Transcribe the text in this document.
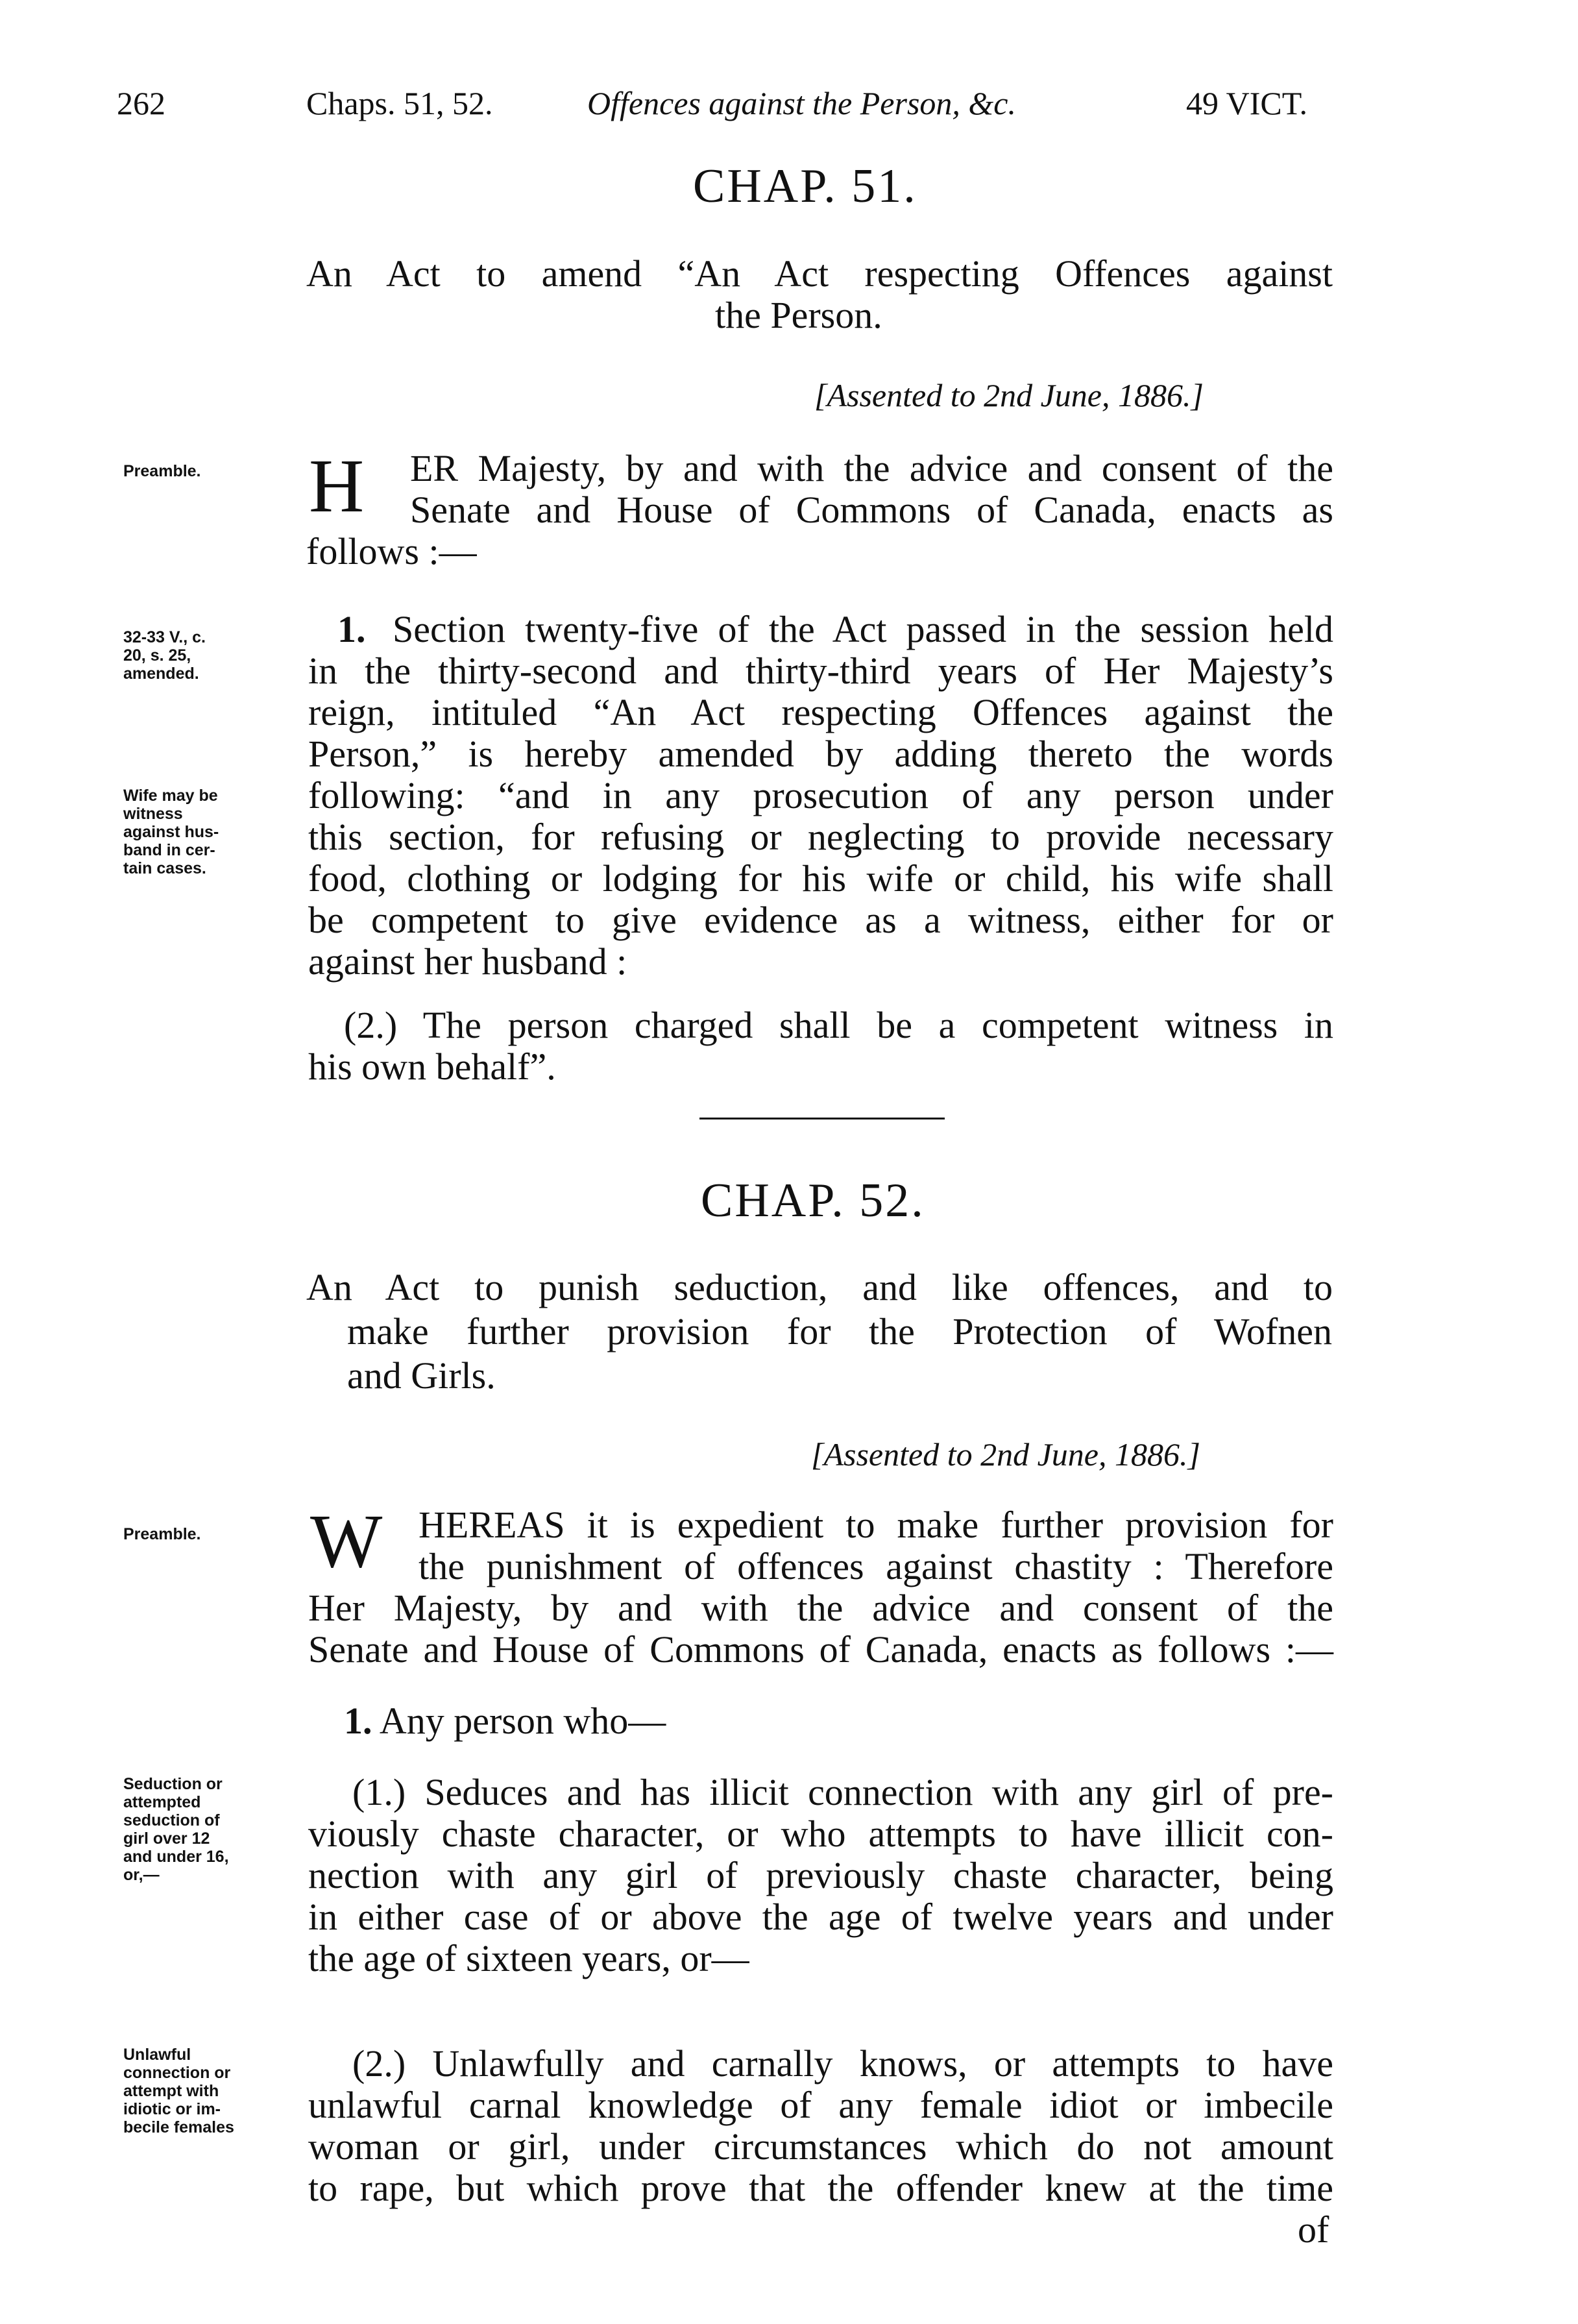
262	Chaps. 51, 52.	Offences against the Person, &c.	49 VICT.
CHAP. 51.
An Act to amend “An Act respecting Offences against
the Person.
[Assented to 2nd June, 1886.]
Preamble.	H ER Majesty, by and with the advice and consent of the
Senate and House of Commons of Canada, enacts as
follows :—
32-33 V., c.
20, s. 25,
amended.
1. Section twenty-five of the Act passed in the session held
in the thirty-second and thirty-third years of Her Majesty’s
reign, intituled “An Act respecting Offences against the
Person,” is hereby amended by adding thereto the words
following: “and in any prosecution of any person under
this section, for refusing or neglecting to provide necessary
food, clothing or lodging for his wife or child, his wife shall
be competent to give evidence as a witness, either for or
against her husband :
Wife may be
witness
against hus-
band in cer-
tain cases.
(2.) The person charged shall be a competent witness in
his own behalf”.
CHAP. 52.
An Act to punish seduction, and like offences, and to
make further provision for the Protection of Wofnen
and Girls.
[Assented to 2nd June, 1886.]
Preamble.	W HEREAS it is expedient to make further provision for
the punishment of offences against chastity : Therefore
Her Majesty, by and with the advice and consent of the
Senate and House of Commons of Canada, enacts as follows :—
1. Any person who—
Seduction or
attempted
seduction of
girl over 12
and under 16,
or,—
(1.) Seduces and has illicit connection with any girl of pre-
viously chaste character, or who attempts to have illicit con-
nection with any girl of previously chaste character, being
in either case of or above the age of twelve years and under
the age of sixteen years, or—
Unlawful
connection or
attempt with
idiotic or im-
becile females
(2.) Unlawfully and carnally knows, or attempts to have
unlawful carnal knowledge of any female idiot or imbecile
woman or girl, under circumstances which do not amount
to rape, but which prove that the offender knew at the time
of
